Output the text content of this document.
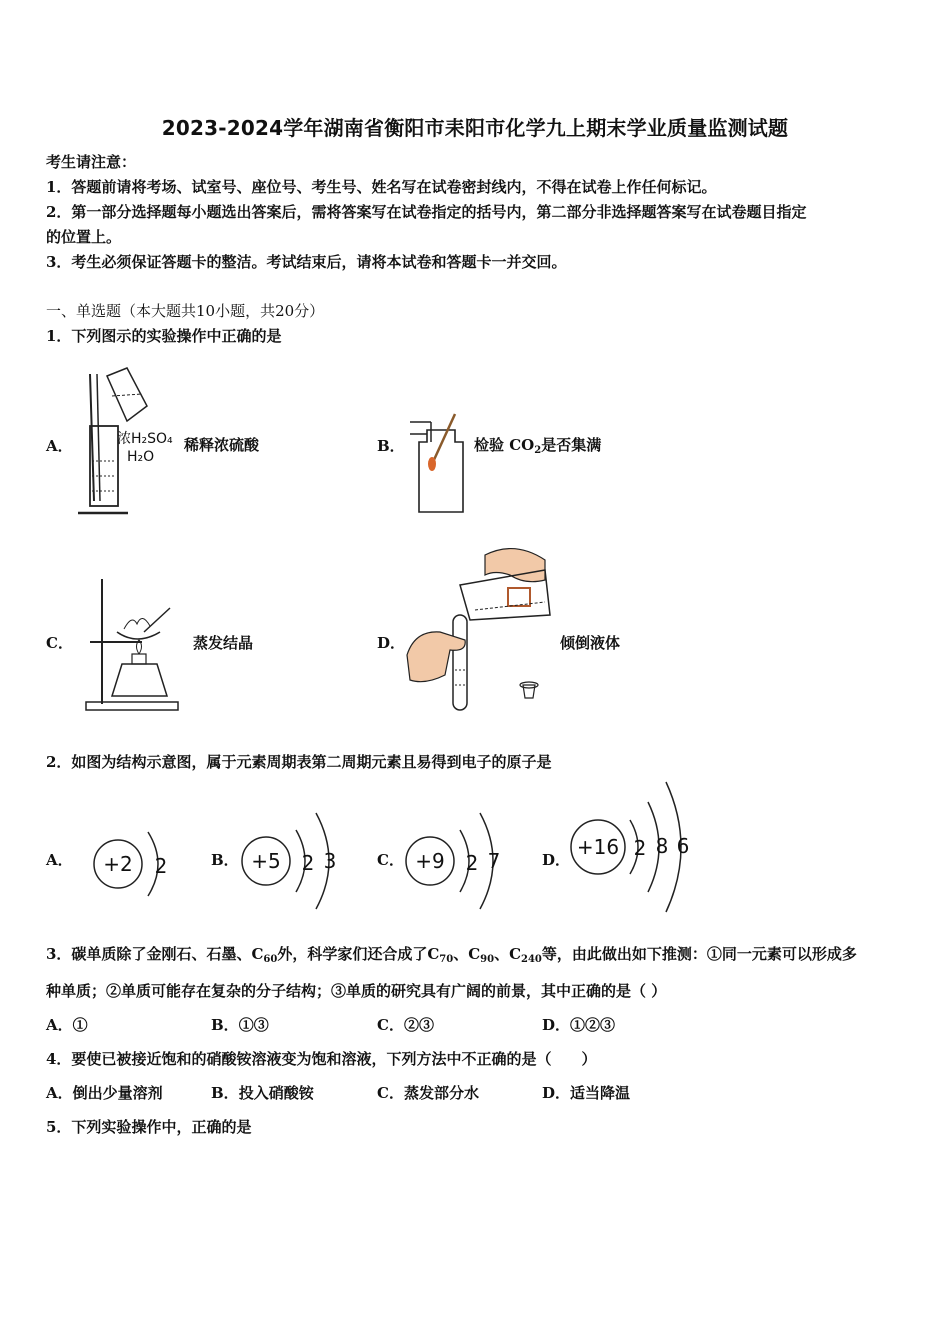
2023-2024学年湖南省衡阳市耒阳市化学九上期末学业质量监测试题
考生请注意：
1．答题前请将考场、试室号、座位号、考生号、姓名写在试卷密封线内，不得在试卷上作任何标记。
2．第一部分选择题每小题选出答案后，需将答案写在试卷指定的括号内，第二部分非选择题答案写在试卷题目指定
的位置上。
3．考生必须保证答题卡的整洁。考试结束后，请将本试卷和答题卡一并交回。
一、单选题（本大题共10小题，共20分）
1．下列图示的实验操作中正确的是
A．	浓H₂SO₄
H₂O
稀释浓硫酸	B．	检验 $CO_2$是否集满
C．	蒸发结晶	D．	倾倒液体
2．如图为结构示意图，属于元素周期表第二周期元素且易得到电子的原子是
A． +2 2	B． +5 2 3	C． +9 2 7	D．
+16 2 8 6
3．碳单质除了金刚石、石墨、$C_{60}$外，科学家们还合成了$C_{70}$、$C_{90}$、$C_{240}$等，由此做出如下推测：①同一元素可以形成多
种单质；②单质可能存在复杂的分子结构；③单质的研究具有广阔的前景，其中正确的是（ ）
A．①	B．①③	C．②③	D．①②③
4．要使已被接近饱和的硝酸铵溶液变为饱和溶液，下列方法中不正确的是（　　）
A．倒出少量溶剂	B．投入硝酸铵	C．蒸发部分水	D．适当降温
5．下列实验操作中，正确的是
